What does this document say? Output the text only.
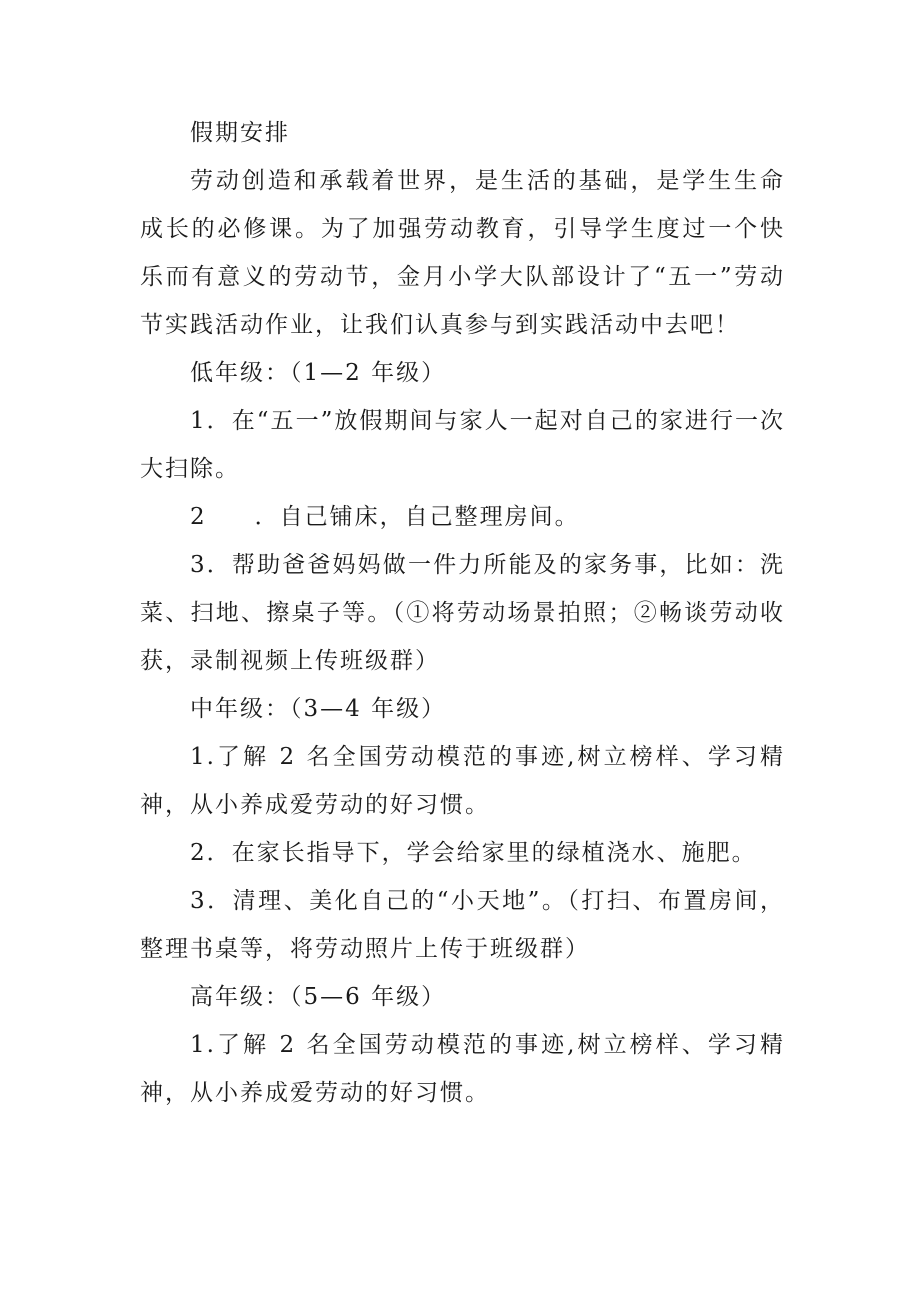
假期安排

劳动创造和承载着世界，是生活的基础，是学生生命成长的必修课。为了加强劳动教育，引导学生度过一个快乐而有意义的劳动节，金月小学大队部设计了“五一”劳动节实践活动作业，让我们认真参与到实践活动中去吧！

低年级：（1—2 年级）

1．在“五一”放假期间与家人一起对自己的家进行一次大扫除。

2 ．自己铺床，自己整理房间。

3．帮助爸爸妈妈做一件力所能及的家务事，比如：洗菜、扫地、擦桌子等。（①将劳动场景拍照；②畅谈劳动收获，录制视频上传班级群）

中年级：（3—4 年级）

1.了解 2 名全国劳动模范的事迹,树立榜样、学习精神，从小养成爱劳动的好习惯。

2．在家长指导下，学会给家里的绿植浇水、施肥。

3．清理、美化自己的“小天地”。（打扫、布置房间，整理书桌等，将劳动照片上传于班级群）

高年级：（5—6 年级）

1.了解 2 名全国劳动模范的事迹,树立榜样、学习精神，从小养成爱劳动的好习惯。
